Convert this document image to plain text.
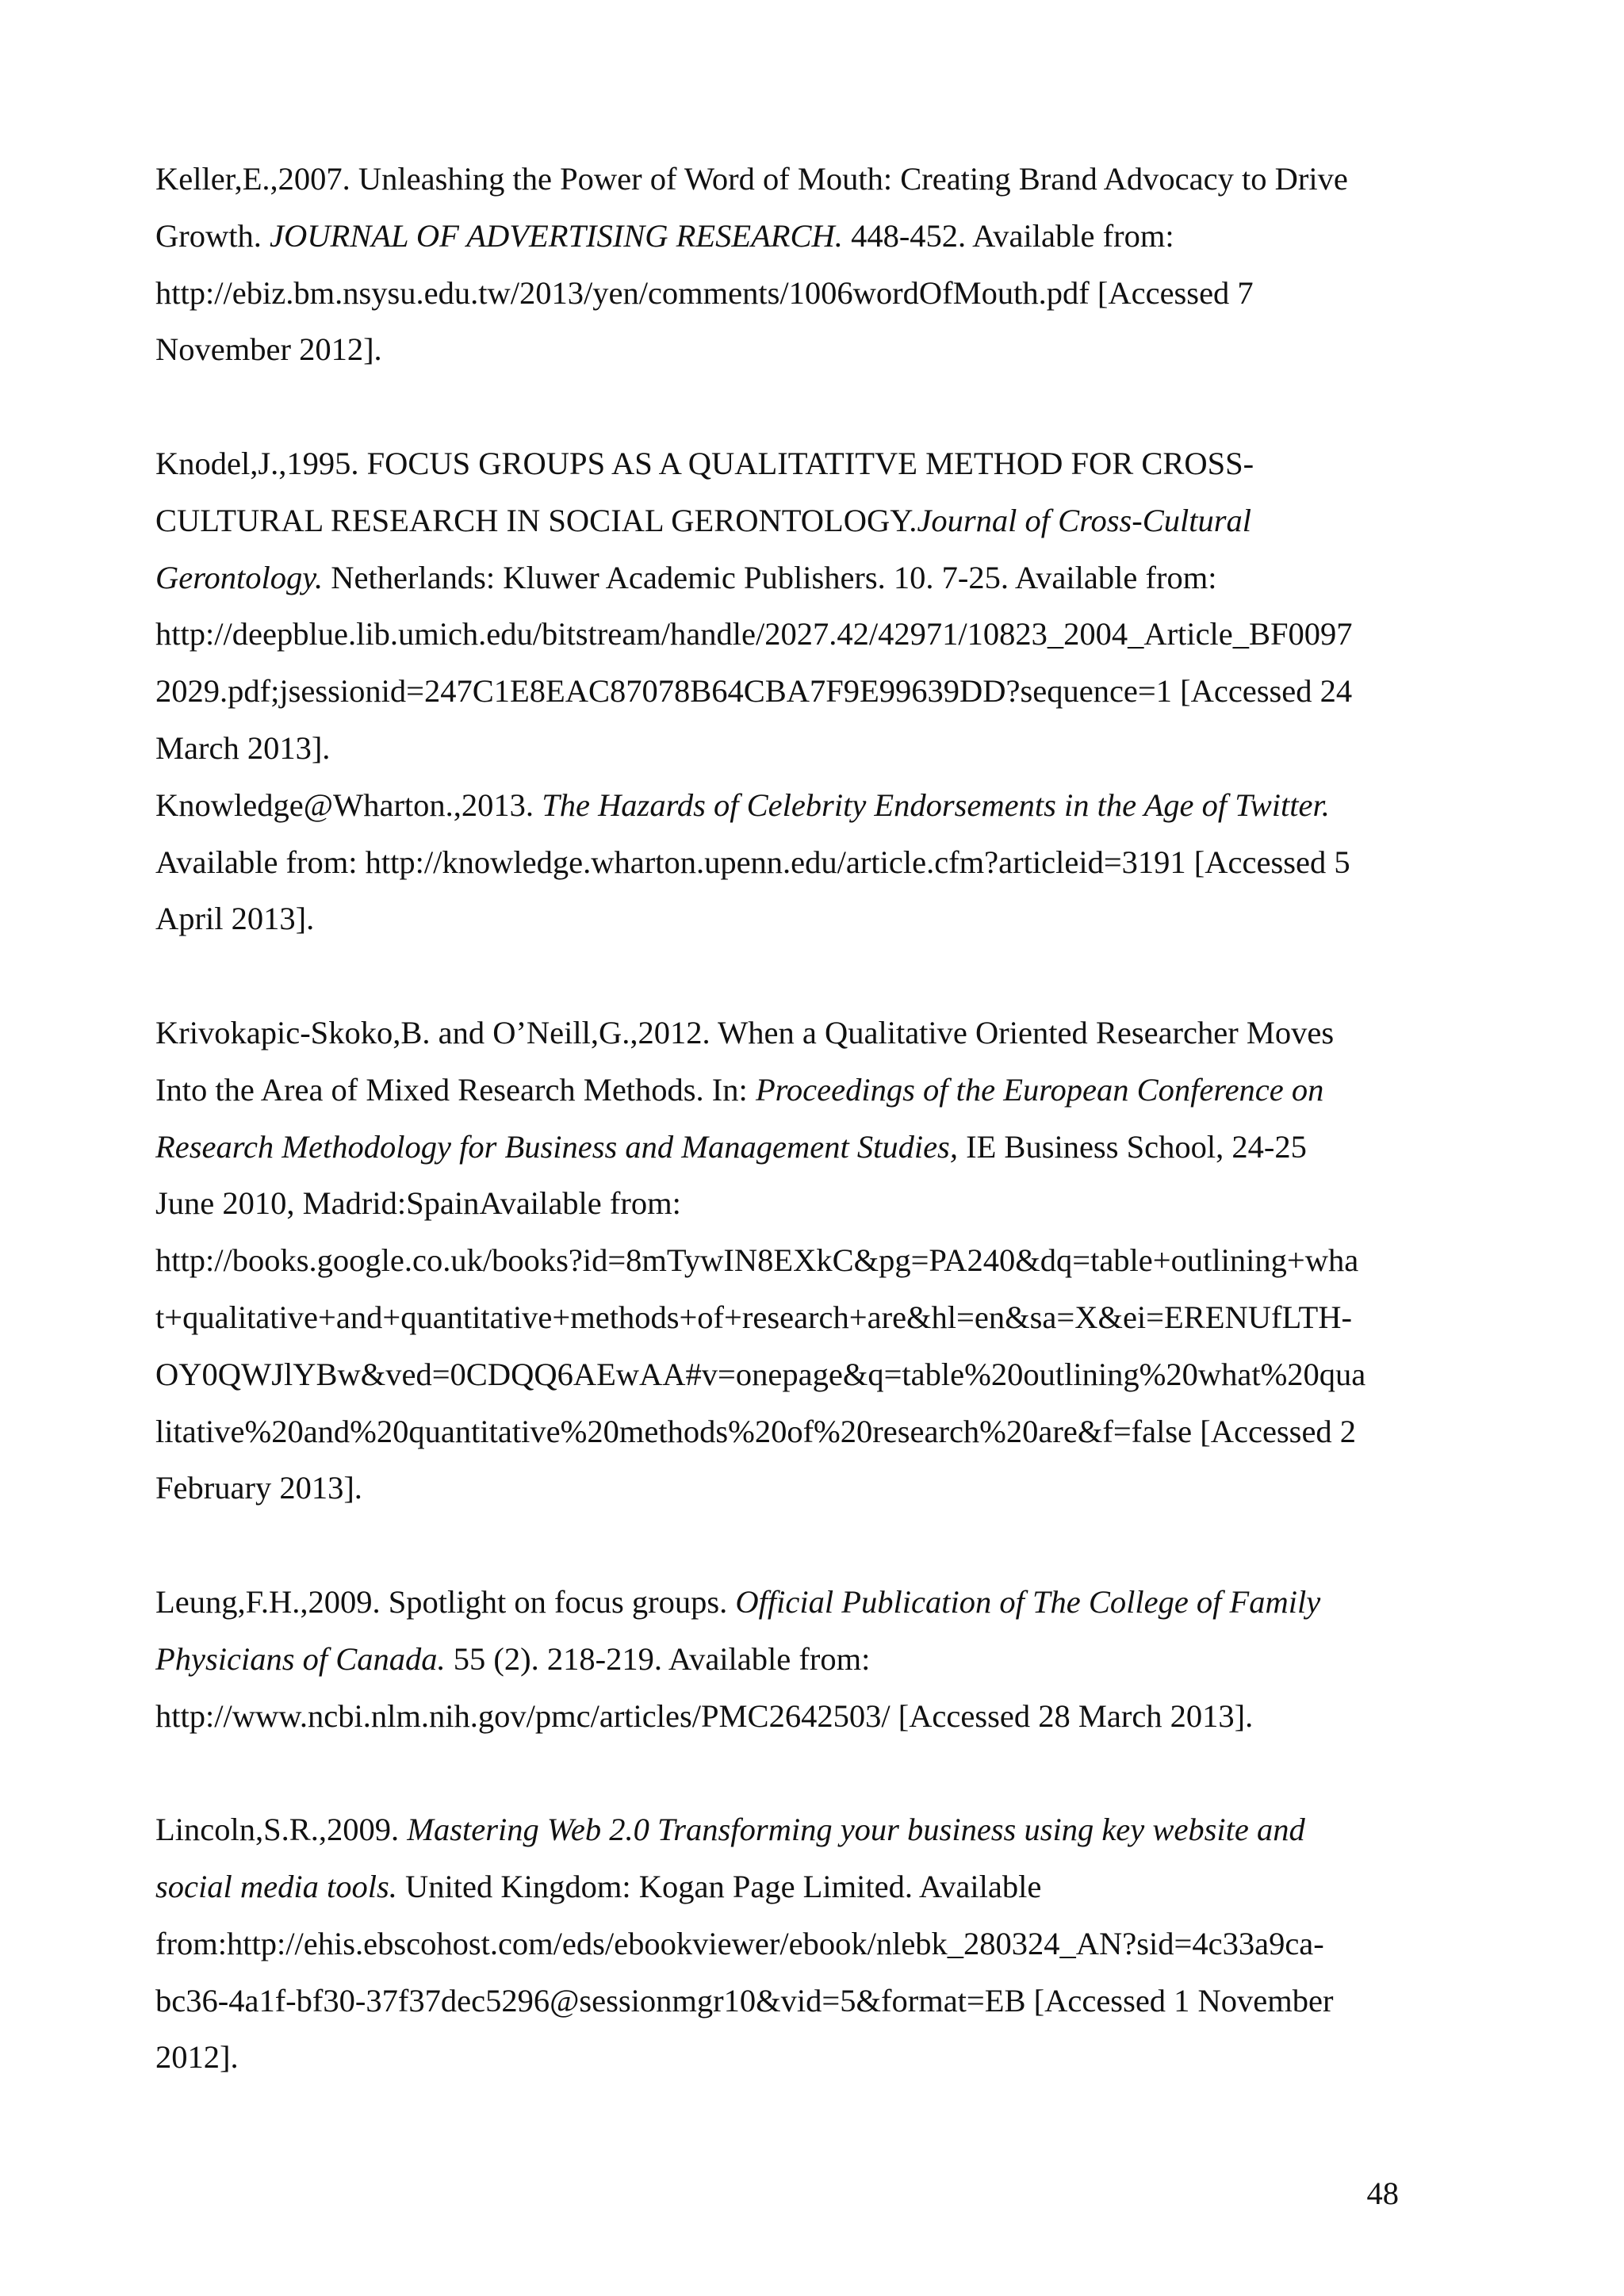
Keller,E.,2007. Unleashing the Power of Word of Mouth: Creating Brand Advocacy to Drive
Growth. JOURNAL OF ADVERTISING RESEARCH. 448-452. Available from:
http://ebiz.bm.nsysu.edu.tw/2013/yen/comments/1006wordOfMouth.pdf [Accessed 7
November 2012].
Knodel,J.,1995. FOCUS GROUPS AS A QUALITATITVE METHOD FOR CROSS-
CULTURAL RESEARCH IN SOCIAL GERONTOLOGY.Journal of Cross-Cultural
Gerontology. Netherlands: Kluwer Academic Publishers. 10. 7-25. Available from:
http://deepblue.lib.umich.edu/bitstream/handle/2027.42/42971/10823_2004_Article_BF0097
2029.pdf;jsessionid=247C1E8EAC87078B64CBA7F9E99639DD?sequence=1 [Accessed 24
March 2013].
Knowledge@Wharton.,2013. The Hazards of Celebrity Endorsements in the Age of Twitter.
Available from: http://knowledge.wharton.upenn.edu/article.cfm?articleid=3191 [Accessed 5
April 2013].
Krivokapic-Skoko,B. and O’Neill,G.,2012. When a Qualitative Oriented Researcher Moves
Into the Area of Mixed Research Methods. In: Proceedings of the European Conference on
Research Methodology for Business and Management Studies, IE Business School, 24-25
June 2010, Madrid:SpainAvailable from:
http://books.google.co.uk/books?id=8mTywIN8EXkC&pg=PA240&dq=table+outlining+wha
t+qualitative+and+quantitative+methods+of+research+are&hl=en&sa=X&ei=ERENUfLTH-
OY0QWJlYBw&ved=0CDQQ6AEwAA#v=onepage&q=table%20outlining%20what%20qua
litative%20and%20quantitative%20methods%20of%20research%20are&f=false [Accessed 2
February 2013].
Leung,F.H.,2009. Spotlight on focus groups. Official Publication of The College of Family
Physicians of Canada. 55 (2). 218-219. Available from:
http://www.ncbi.nlm.nih.gov/pmc/articles/PMC2642503/ [Accessed 28 March 2013].
Lincoln,S.R.,2009. Mastering Web 2.0 Transforming your business using key website and
social media tools. United Kingdom: Kogan Page Limited. Available
from:http://ehis.ebscohost.com/eds/ebookviewer/ebook/nlebk_280324_AN?sid=4c33a9ca-
bc36-4a1f-bf30-37f37dec5296@sessionmgr10&vid=5&format=EB [Accessed 1 November
2012].
48
